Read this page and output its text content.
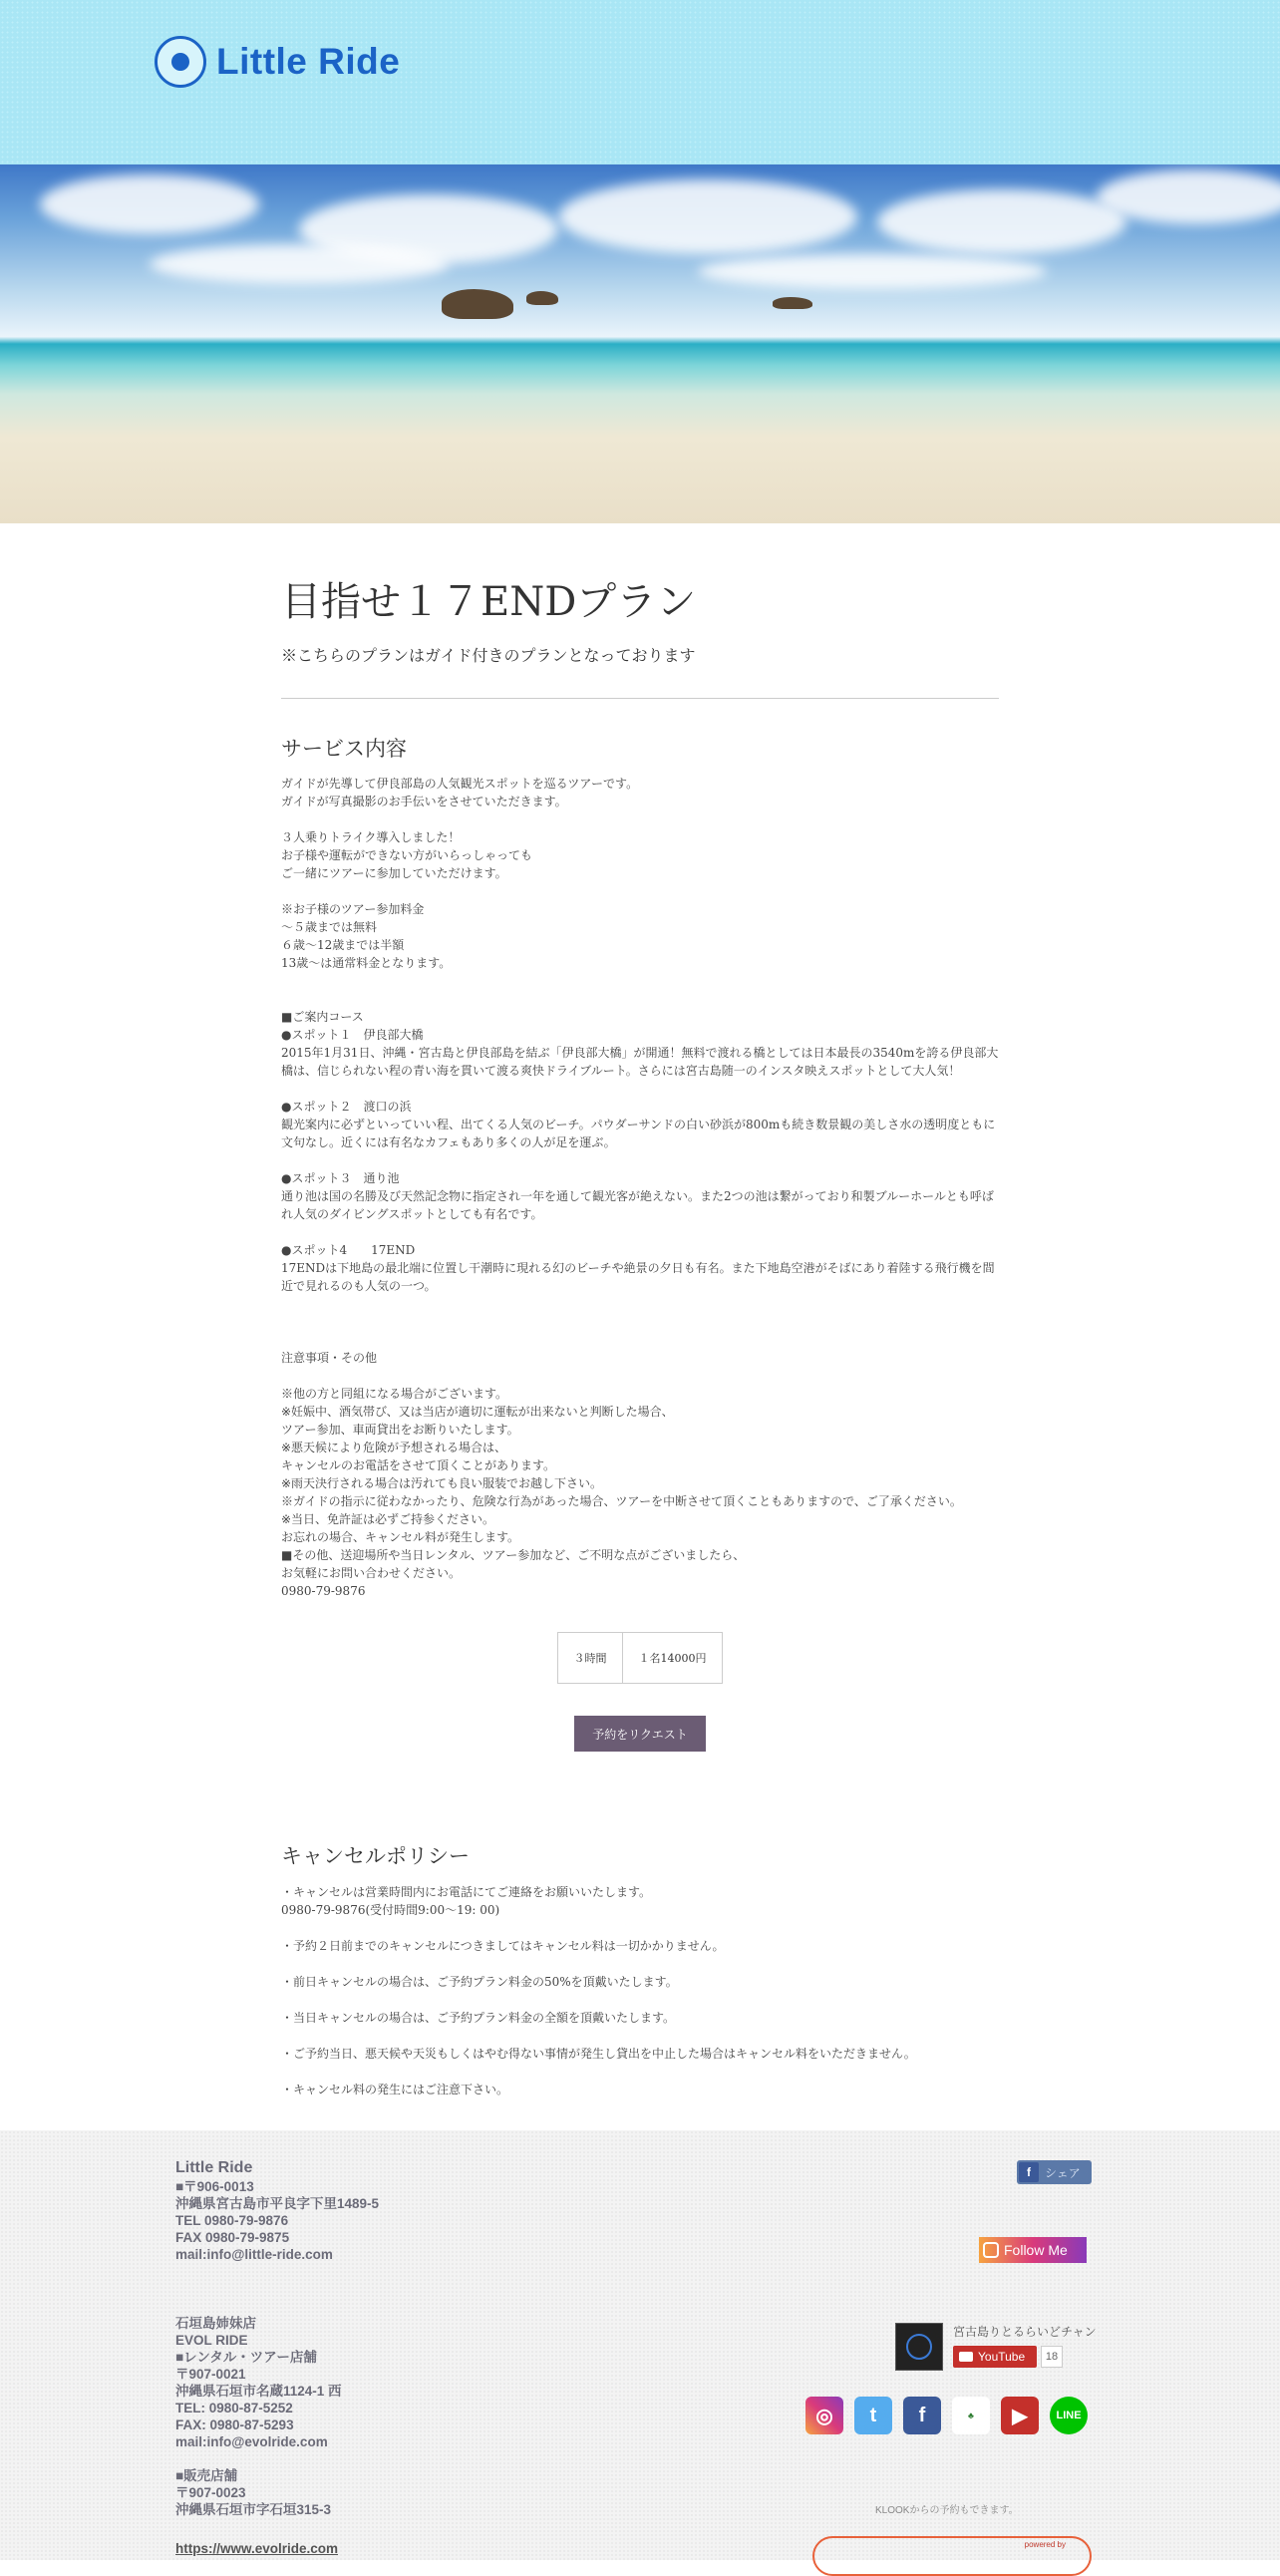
Little Ride
目指せ１７ENDプラン
※こちらのプランはガイド付きのプランとなっております
サービス内容
ガイドが先導して伊良部島の人気観光スポットを巡るツアーです。
ガイドが写真撮影のお手伝いをさせていただきます。

３人乗りトライク導入しました！
お子様や運転ができない方がいらっしゃっても
ご一緒にツアーに参加していただけます。

※お子様のツアー参加料金
〜５歳までは無料
６歳〜12歳までは半額
13歳〜は通常料金となります。

■ご案内コース
●スポット１　伊良部大橋
2015年1月31日、沖縄・宮古島と伊良部島を結ぶ「伊良部大橋」が開通！無料で渡れる橋としては日本最長の3540mを誇る伊良部大橋は、信じられない程の青い海を貫いて渡る爽快ドライブルート。さらには宮古島随一のインスタ映えスポットとして大人気！

●スポット２　渡口の浜
観光案内に必ずといっていい程、出てくる人気のビーチ。パウダーサンドの白い砂浜が800mも続き数景観の美しさ水の透明度ともに文句なし。近くには有名なカフェもあり多くの人が足を運ぶ。

●スポット３　通り池
通り池は国の名勝及び天然記念物に指定され一年を通して観光客が絶えない。また2つの池は繋がっており和製ブルーホールとも呼ばれ人気のダイビングスポットとしても有名です。

●スポット4　　17END
17ENDは下地島の最北端に位置し干潮時に現れる幻のビーチや絶景の夕日も有名。また下地島空港がそばにあり着陸する飛行機を間近で見れるのも人気の一つ。

注意事項・その他

※他の方と同組になる場合がございます。
※妊娠中、酒気帯び、又は当店が適切に運転が出来ないと判断した場合、
ツアー参加、車両貸出をお断りいたします。
※悪天候により危険が予想される場合は、
キャンセルのお電話をさせて頂くことがあります。
※雨天決行される場合は汚れても良い服装でお越し下さい。
※ガイドの指示に従わなかったり、危険な行為があった場合、ツアーを中断させて頂くこともありますので、ご了承ください。
※当日、免許証は必ずご持参ください。
お忘れの場合、キャンセル料が発生します。
■その他、送迎場所や当日レンタル、ツアー参加など、ご不明な点がございましたら、
お気軽にお問い合わせください。
0980-79-9876
３時間	１名14000円
予約をリクエスト
キャンセルポリシー
・キャンセルは営業時間内にお電話にてご連絡をお願いいたします。
0980-79-9876(受付時間9:00〜19: 00)

・予約２日前までのキャンセルにつきましてはキャンセル料は一切かかりません。

・前日キャンセルの場合は、ご予約プラン料金の50%を頂戴いたします。

・当日キャンセルの場合は、ご予約プラン料金の全額を頂戴いたします。

・ご予約当日、悪天候や天災もしくはやむ得ない事情が発生し貸出を中止した場合はキャンセル料をいただきません。

・キャンセル料の発生にはご注意下さい。
Little Ride
■〒906-0013
沖縄県宮古島市平良字下里1489-5
TEL 0980-79-9876
FAX 0980-79-9875
mail:info@little-ride.com
石垣島姉妹店
EVOL RIDE
■レンタル・ツアー店舗
〒907-0021
沖縄県石垣市名蔵1124-1 西
TEL: 0980-87-5252
FAX: 0980-87-5293
mail:info@evolride.com

■販売店舗
〒907-0023
沖縄県石垣市字石垣315-3
https://www.evolride.com
f	シェア
Follow Me
宮古島りとるらいどチャン
YouTube	18
◎	t	f	♣	▶	LINE
KLOOKからの予約もできます。
powered by
